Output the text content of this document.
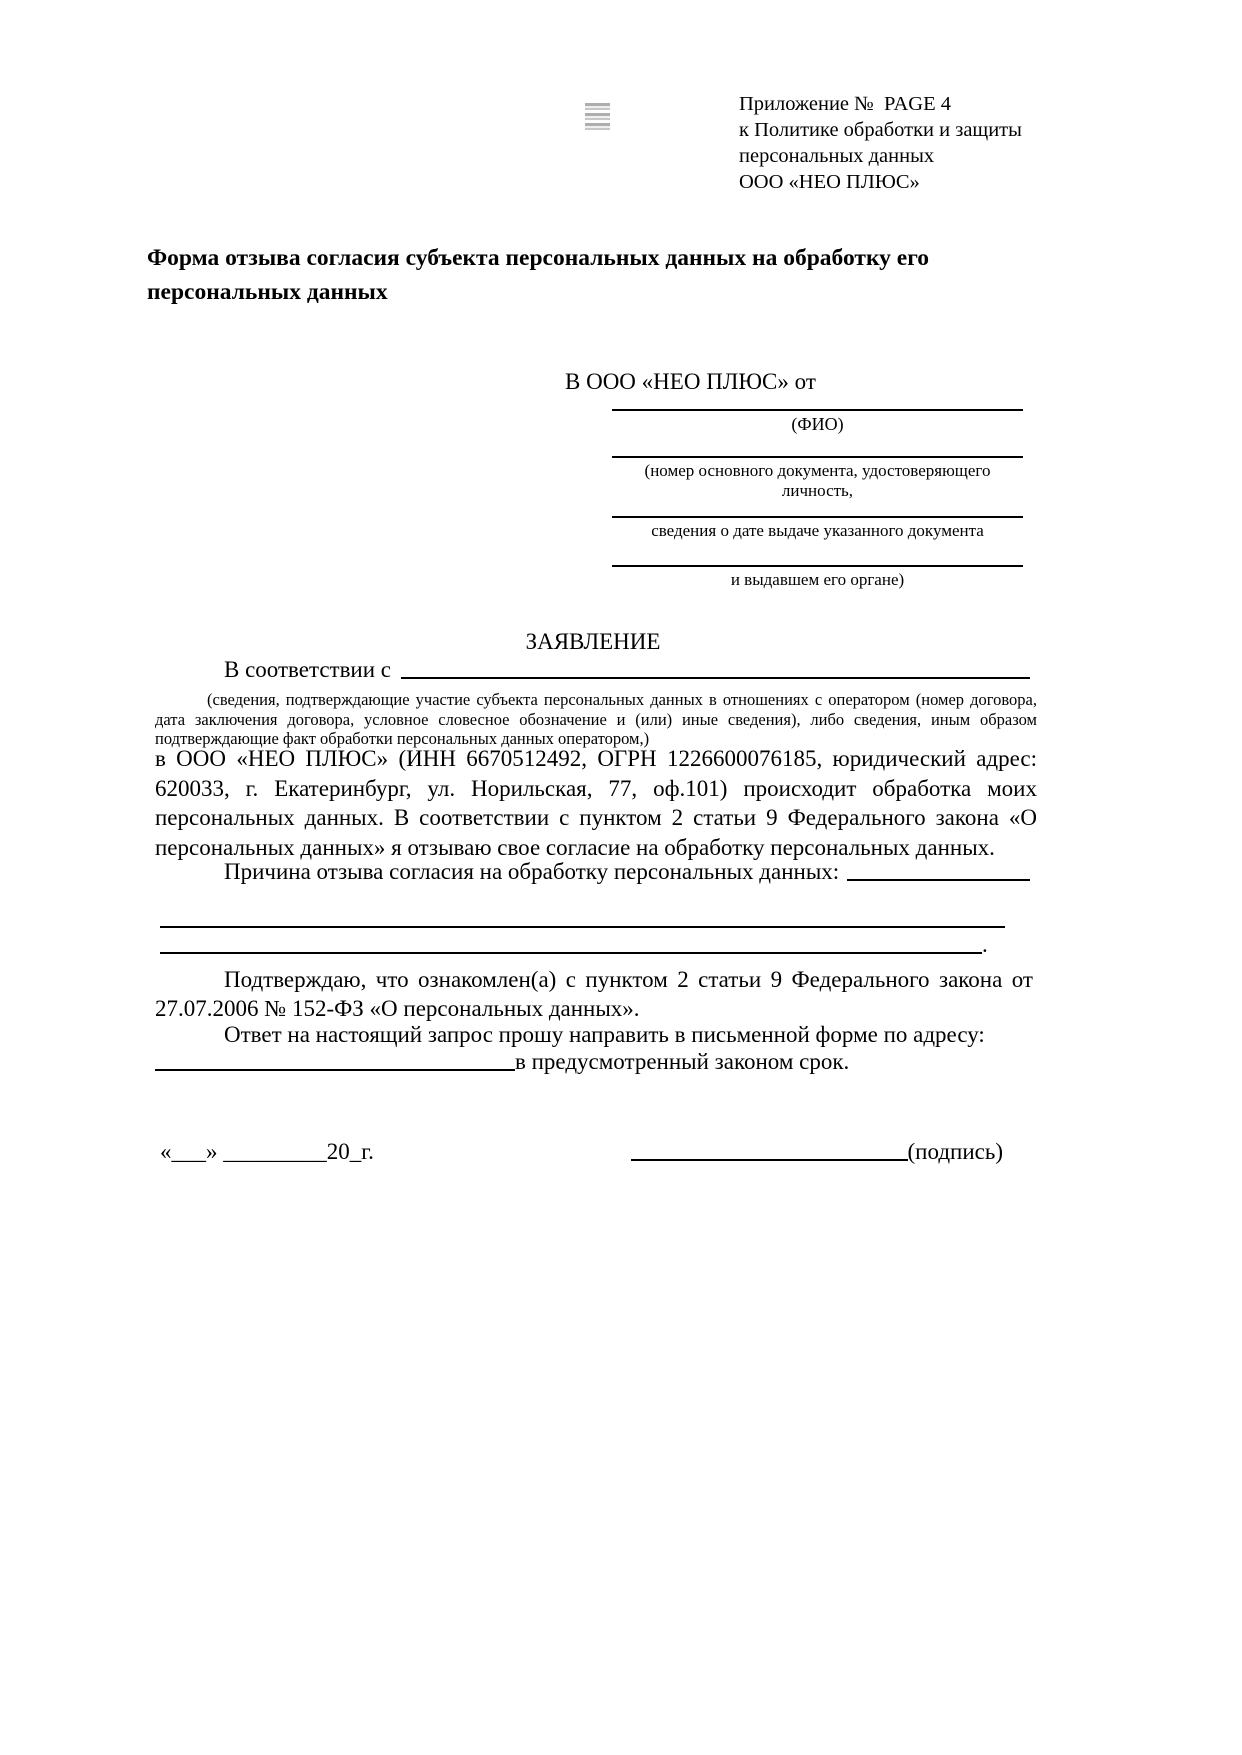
Приложение №  PAGE 4
к Политике обработки и защиты
персональных данных
ООО «НЕО ПЛЮС»
Форма отзыва согласия субъекта персональных данных на обработку его персональных данных
В ООО «НЕО ПЛЮС» от
(ФИО)
(номер основного документа, удостоверяющего личность,
сведения о дате выдаче указанного документа
и выдавшем его органе)
ЗАЯВЛЕНИЕ
В соответствии с
(сведения, подтверждающие участие субъекта персональных данных в отношениях с оператором (номер договора, дата заключения договора, условное словесное обозначение и (или) иные сведения), либо сведения, иным образом подтверждающие факт обработки персональных данных оператором,)
в ООО «НЕО ПЛЮС» (ИНН 6670512492, ОГРН 1226600076185, юридический адрес: 620033, г. Екатеринбург, ул. Норильская, 77, оф.101) происходит обработка моих персональных данных. В соответствии с пунктом 2 статьи 9 Федерального закона «О персональных данных» я отзываю свое согласие на обработку персональных данных.
Причина отзыва согласия на обработку персональных данных:
.
Подтверждаю, что ознакомлен(а) с пунктом 2 статьи 9 Федерального закона от 27.07.2006 № 152-ФЗ «О персональных данных».
Ответ на настоящий запрос прошу направить в письменной форме по адресу:
в предусмотренный законом срок.
«___» _________20_г.	(подпись)
